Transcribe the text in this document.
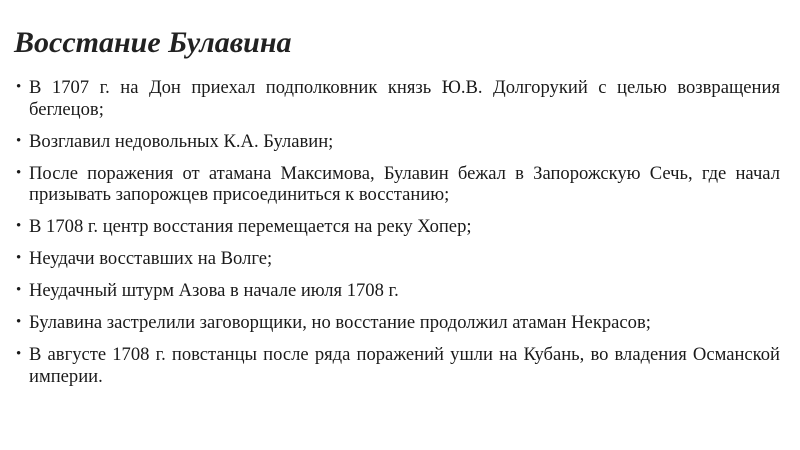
Восстание Булавина
• В 1707 г. на Дон приехал подполковник князь Ю.В. Долгорукий с целью возвращения беглецов;
• Возглавил недовольных К.А. Булавин;
• После поражения от атамана Максимова, Булавин бежал в Запорожскую Сечь, где начал призывать запорожцев присоединиться к восстанию;
• В 1708 г. центр восстания перемещается на реку Хопер;
• Неудачи восставших на Волге;
• Неудачный штурм Азова в начале июля 1708 г.
• Булавина застрелили заговорщики, но восстание продолжил атаман Некрасов;
• В августе 1708 г. повстанцы после ряда поражений ушли на Кубань, во владения Османской империи.
